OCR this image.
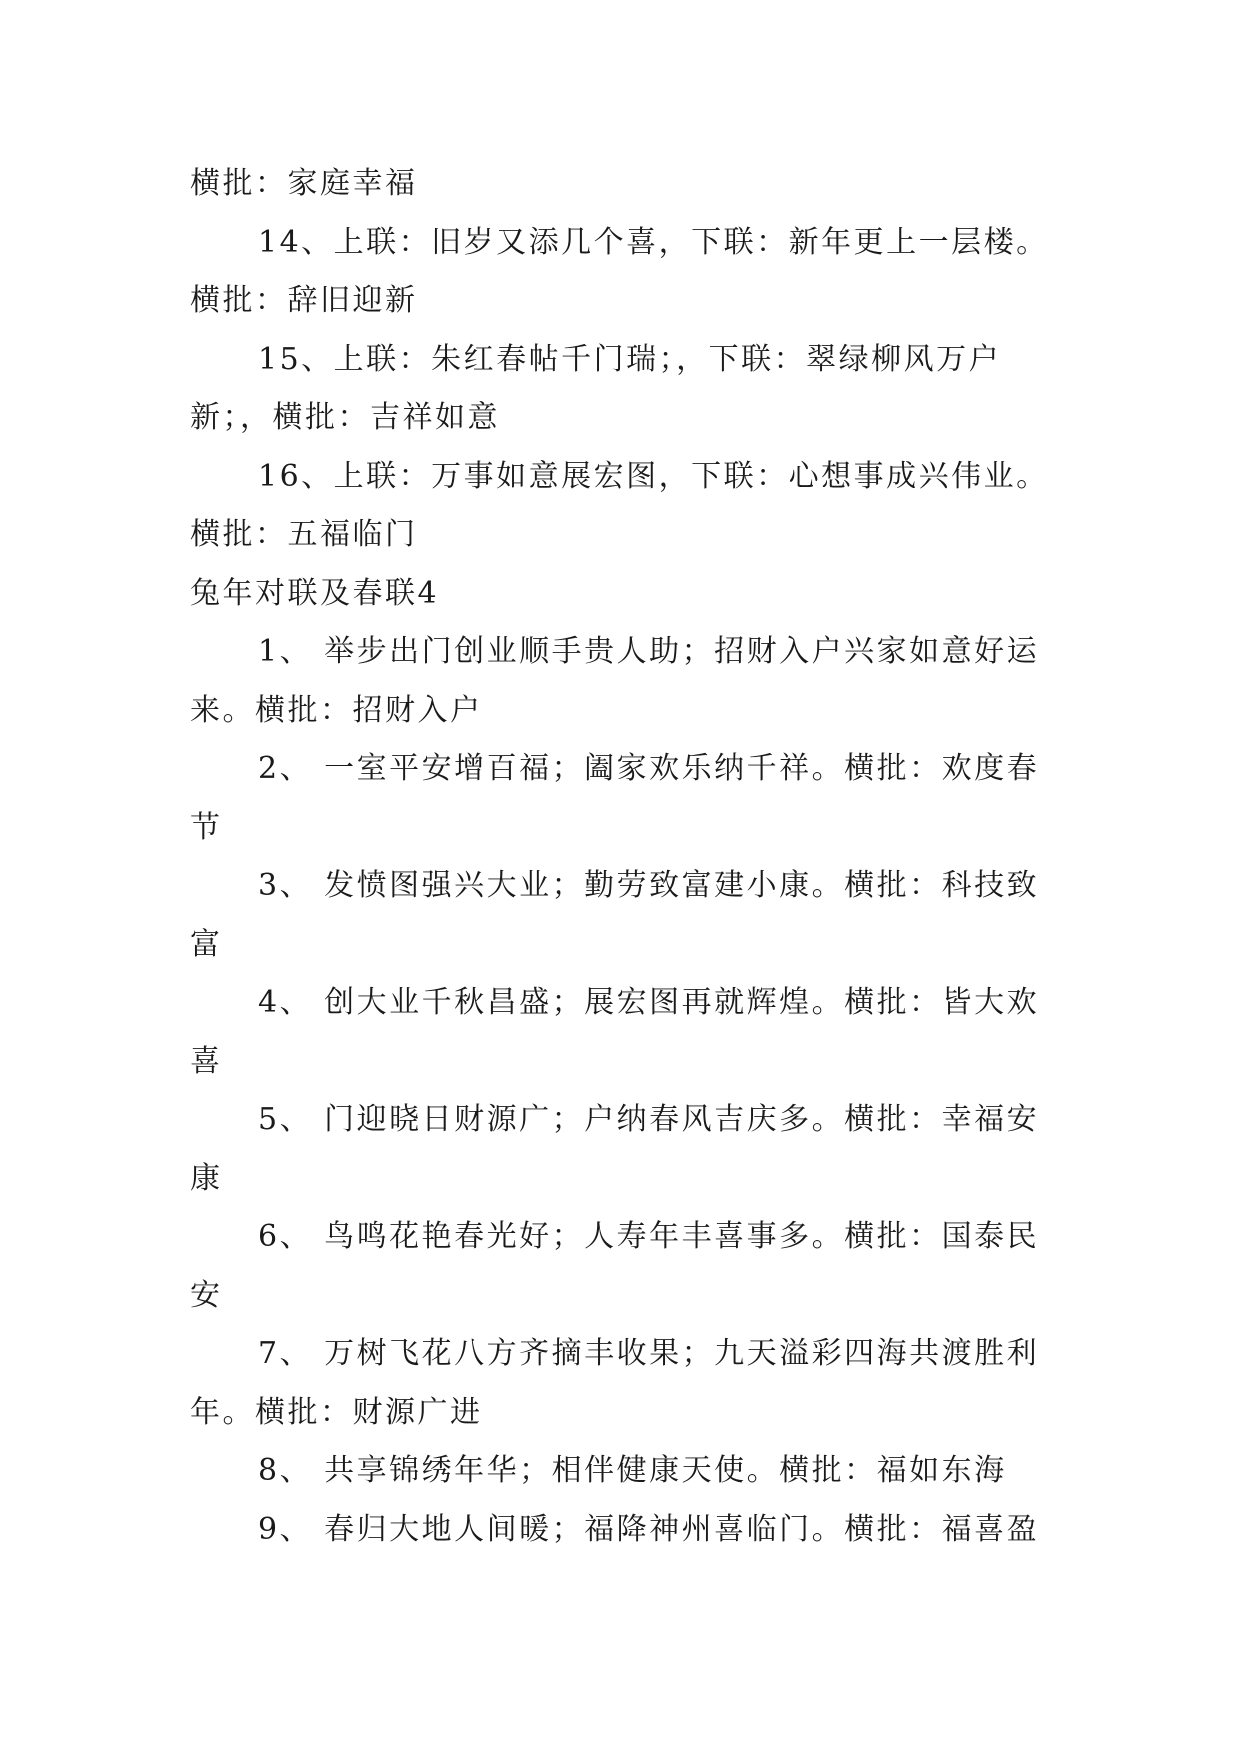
横批：家庭幸福
14、上联：旧岁又添几个喜，下联：新年更上一层楼。
横批：辞旧迎新
15、上联：朱红春帖千门瑞；，下联：翠绿柳风万户
新；，横批：吉祥如意
16、上联：万事如意展宏图，下联：心想事成兴伟业。
横批：五福临门
兔年对联及春联4
1、 举步出门创业顺手贵人助；招财入户兴家如意好运
来。横批：招财入户
2、 一室平安增百福；阖家欢乐纳千祥。横批：欢度春
节
3、 发愤图强兴大业；勤劳致富建小康。横批：科技致
富
4、 创大业千秋昌盛；展宏图再就辉煌。横批：皆大欢
喜
5、 门迎晓日财源广；户纳春风吉庆多。横批：幸福安
康
6、 鸟鸣花艳春光好；人寿年丰喜事多。横批：国泰民
安
7、 万树飞花八方齐摘丰收果；九天溢彩四海共渡胜利
年。横批：财源广进
8、 共享锦绣年华；相伴健康天使。横批：福如东海
9、 春归大地人间暖；福降神州喜临门。横批：福喜盈
